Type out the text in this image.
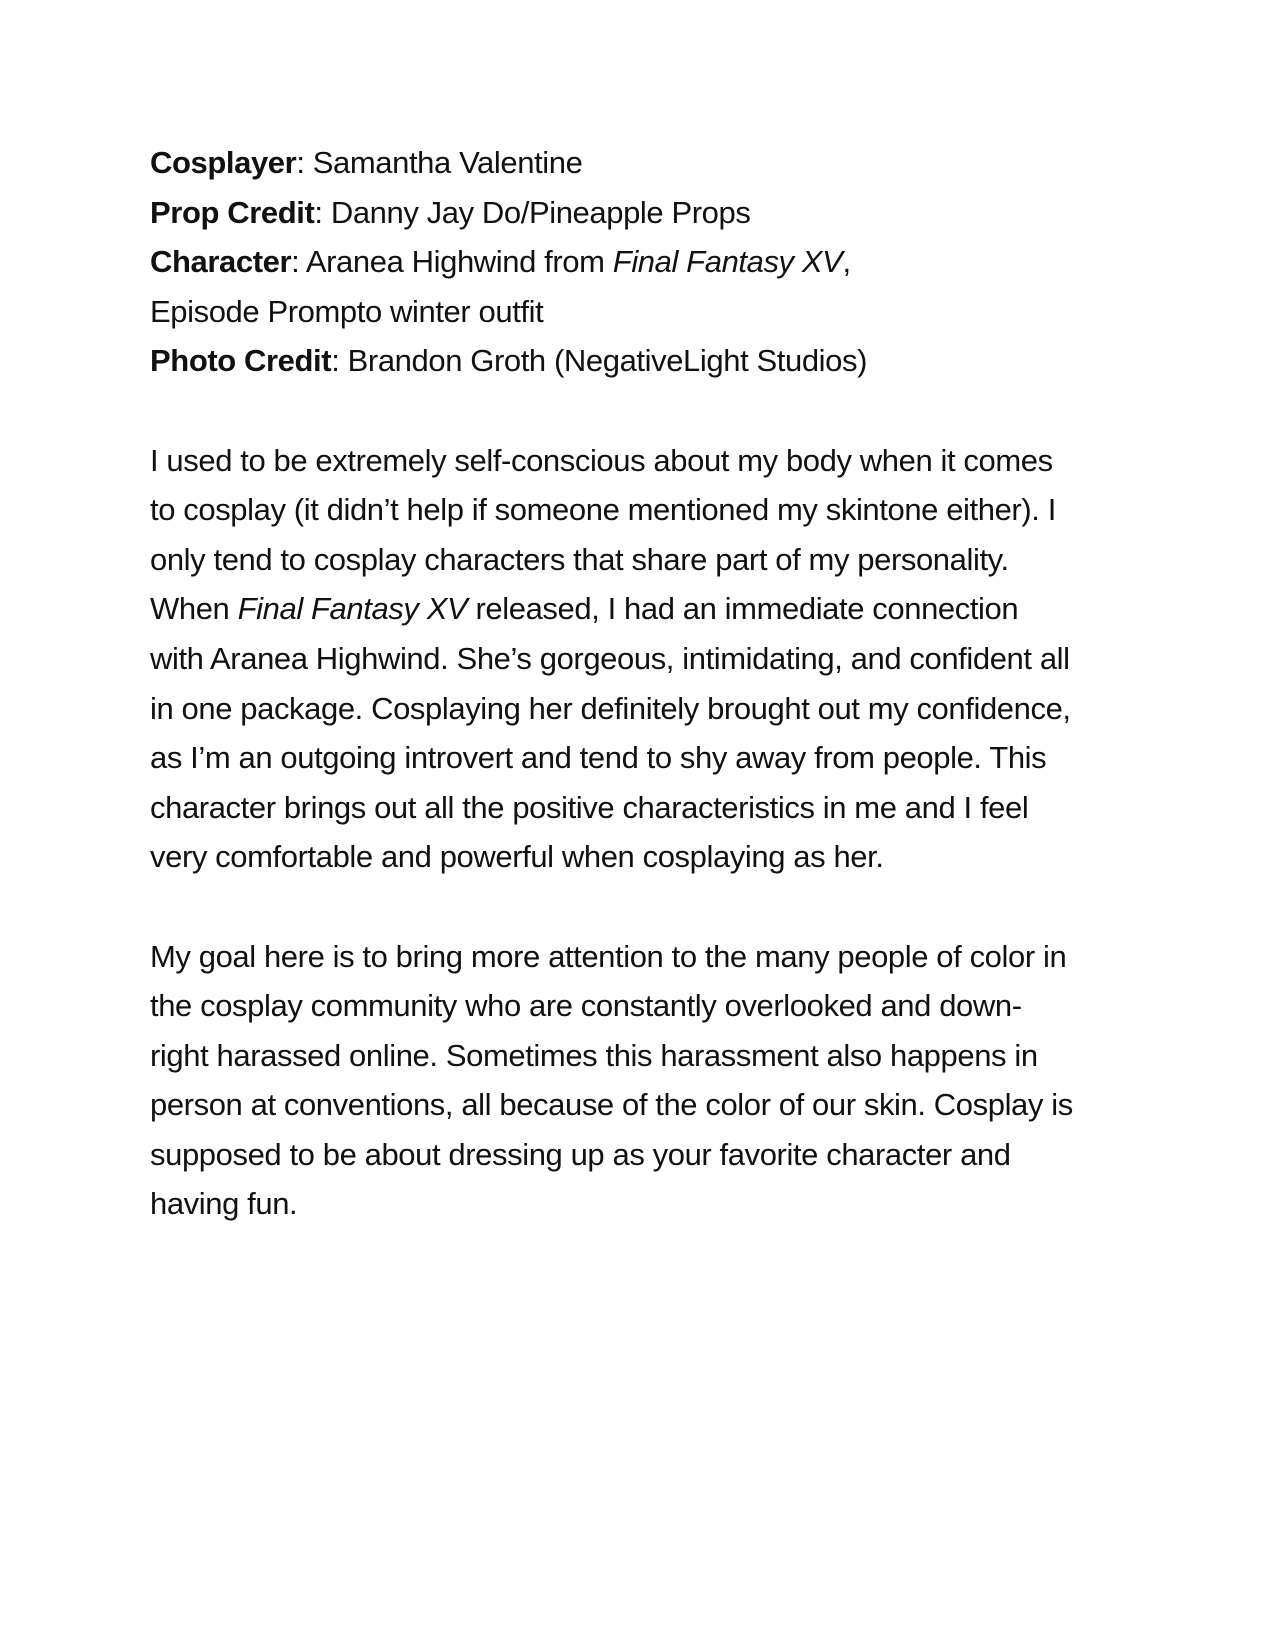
Cosplayer: Samantha Valentine
Prop Credit: Danny Jay Do/Pineapple Props
Character: Aranea Highwind from Final Fantasy XV,
Episode Prompto winter outfit
Photo Credit: Brandon Groth (NegativeLight Studios)
I used to be extremely self-conscious about my body when it comes
to cosplay (it didn’t help if someone mentioned my skintone either). I
only tend to cosplay characters that share part of my personality.
When Final Fantasy XV released, I had an immediate connection
with Aranea Highwind. She’s gorgeous, intimidating, and confident all
in one package. Cosplaying her definitely brought out my confidence,
as I’m an outgoing introvert and tend to shy away from people. This
character brings out all the positive characteristics in me and I feel
very comfortable and powerful when cosplaying as her.
My goal here is to bring more attention to the many people of color in
the cosplay community who are constantly overlooked and down-
right harassed online. Sometimes this harassment also happens in
person at conventions, all because of the color of our skin. Cosplay is
supposed to be about dressing up as your favorite character and
having fun.
